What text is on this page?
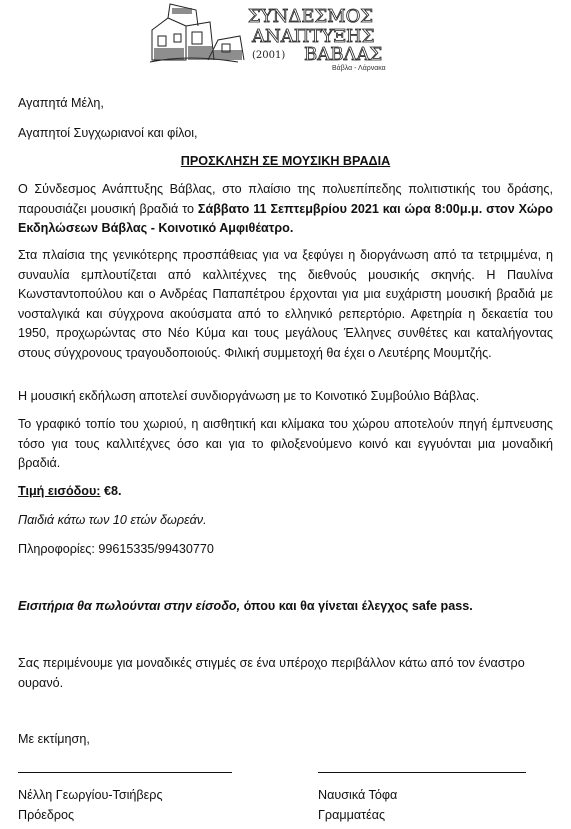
ΣΥΝΔΕΣΜΟΣ
ΑΝΑΠΤΥΞΗΣ
(2001) ΒΑΒΛΑΣ
Βάβλα - Λάρνακα
Αγαπητά Μέλη,
Αγαπητοί Συγχωριανοί και φίλοι,
ΠΡΟΣΚΛΗΣΗ ΣΕ ΜΟΥΣΙΚΗ ΒΡΑΔΙΑ
Ο Σύνδεσμος Ανάπτυξης Βάβλας, στο πλαίσιο της πολυεπίπεδης πολιτιστικής του δράσης, παρουσιάζει μουσική βραδιά το Σάββατο 11 Σεπτεμβρίου 2021 και ώρα 8:00μ.μ. στον Χώρο Εκδηλώσεων Βάβλας - Κοινοτικό Αμφιθέατρο.
Στα πλαίσια της γενικότερης προσπάθειας για να ξεφύγει η διοργάνωση από τα τετριμμένα, η συναυλία εμπλουτίζεται από καλλιτέχνες της διεθνούς μουσικής σκηνής. Η Παυλίνα Κωνσταντοπούλου και ο Ανδρέας Παπαπέτρου έρχονται για μια ευχάριστη μουσική βραδιά με νοσταλγικά και σύγχρονα ακούσματα από το ελληνικό ρεπερτόριο. Αφετηρία η δεκαετία του 1950, προχωρώντας στο Νέο Κύμα και τους μεγάλους Έλληνες συνθέτες και καταλήγοντας στους σύγχρονους τραγουδοποιούς. Φιλική συμμετοχή θα έχει ο Λευτέρης Μουμτζής.
Η μουσική εκδήλωση αποτελεί συνδιοργάνωση με το Κοινοτικό Συμβούλιο Βάβλας.
Το γραφικό τοπίο του χωριού, η αισθητική και κλίμακα του χώρου αποτελούν πηγή έμπνευσης τόσο για τους καλλιτέχνες όσο και για το φιλοξενούμενο κοινό και εγγυόνται μια μοναδική βραδιά.
Τιμή εισόδου: €8.
Παιδιά κάτω των 10 ετών δωρεάν.
Πληροφορίες: 99615335/99430770
Εισιτήρια θα πωλούνται στην είσοδο, όπου και θα γίνεται έλεγχος safe pass.
Σας περιμένουμε για μοναδικές στιγμές σε ένα υπέροχο περιβάλλον κάτω από τον έναστρο ουρανό.
Με εκτίμηση,
Νέλλη Γεωργίου-Τσιήβερς
Πρόεδρος
Ναυσικά Τόφα
Γραμματέας
